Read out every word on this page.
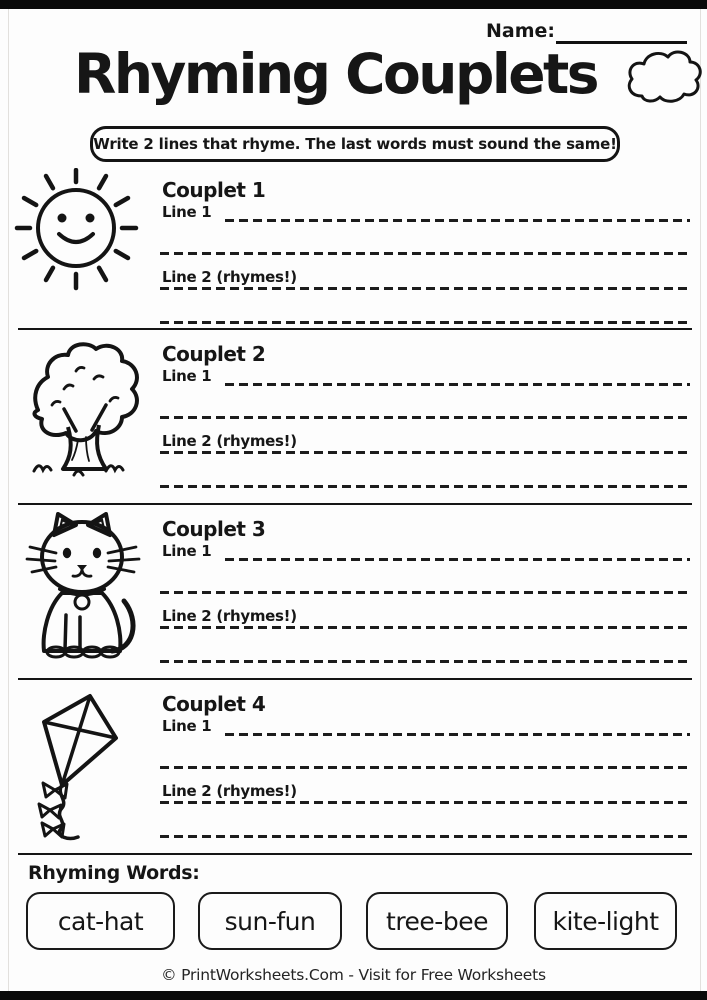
Name:
Rhyming Couplets
Write 2 lines that rhyme. The last words must sound the same!
Couplet 1
Line 1
Line 2 (rhymes!)
Couplet 2
Line 1
Line 2 (rhymes!)
Couplet 3
Line 1
Line 2 (rhymes!)
Couplet 4
Line 1
Line 2 (rhymes!)
Rhyming Words:
cat-hat	sun-fun	tree-bee	kite-light
© PrintWorksheets.Com - Visit for Free Worksheets
